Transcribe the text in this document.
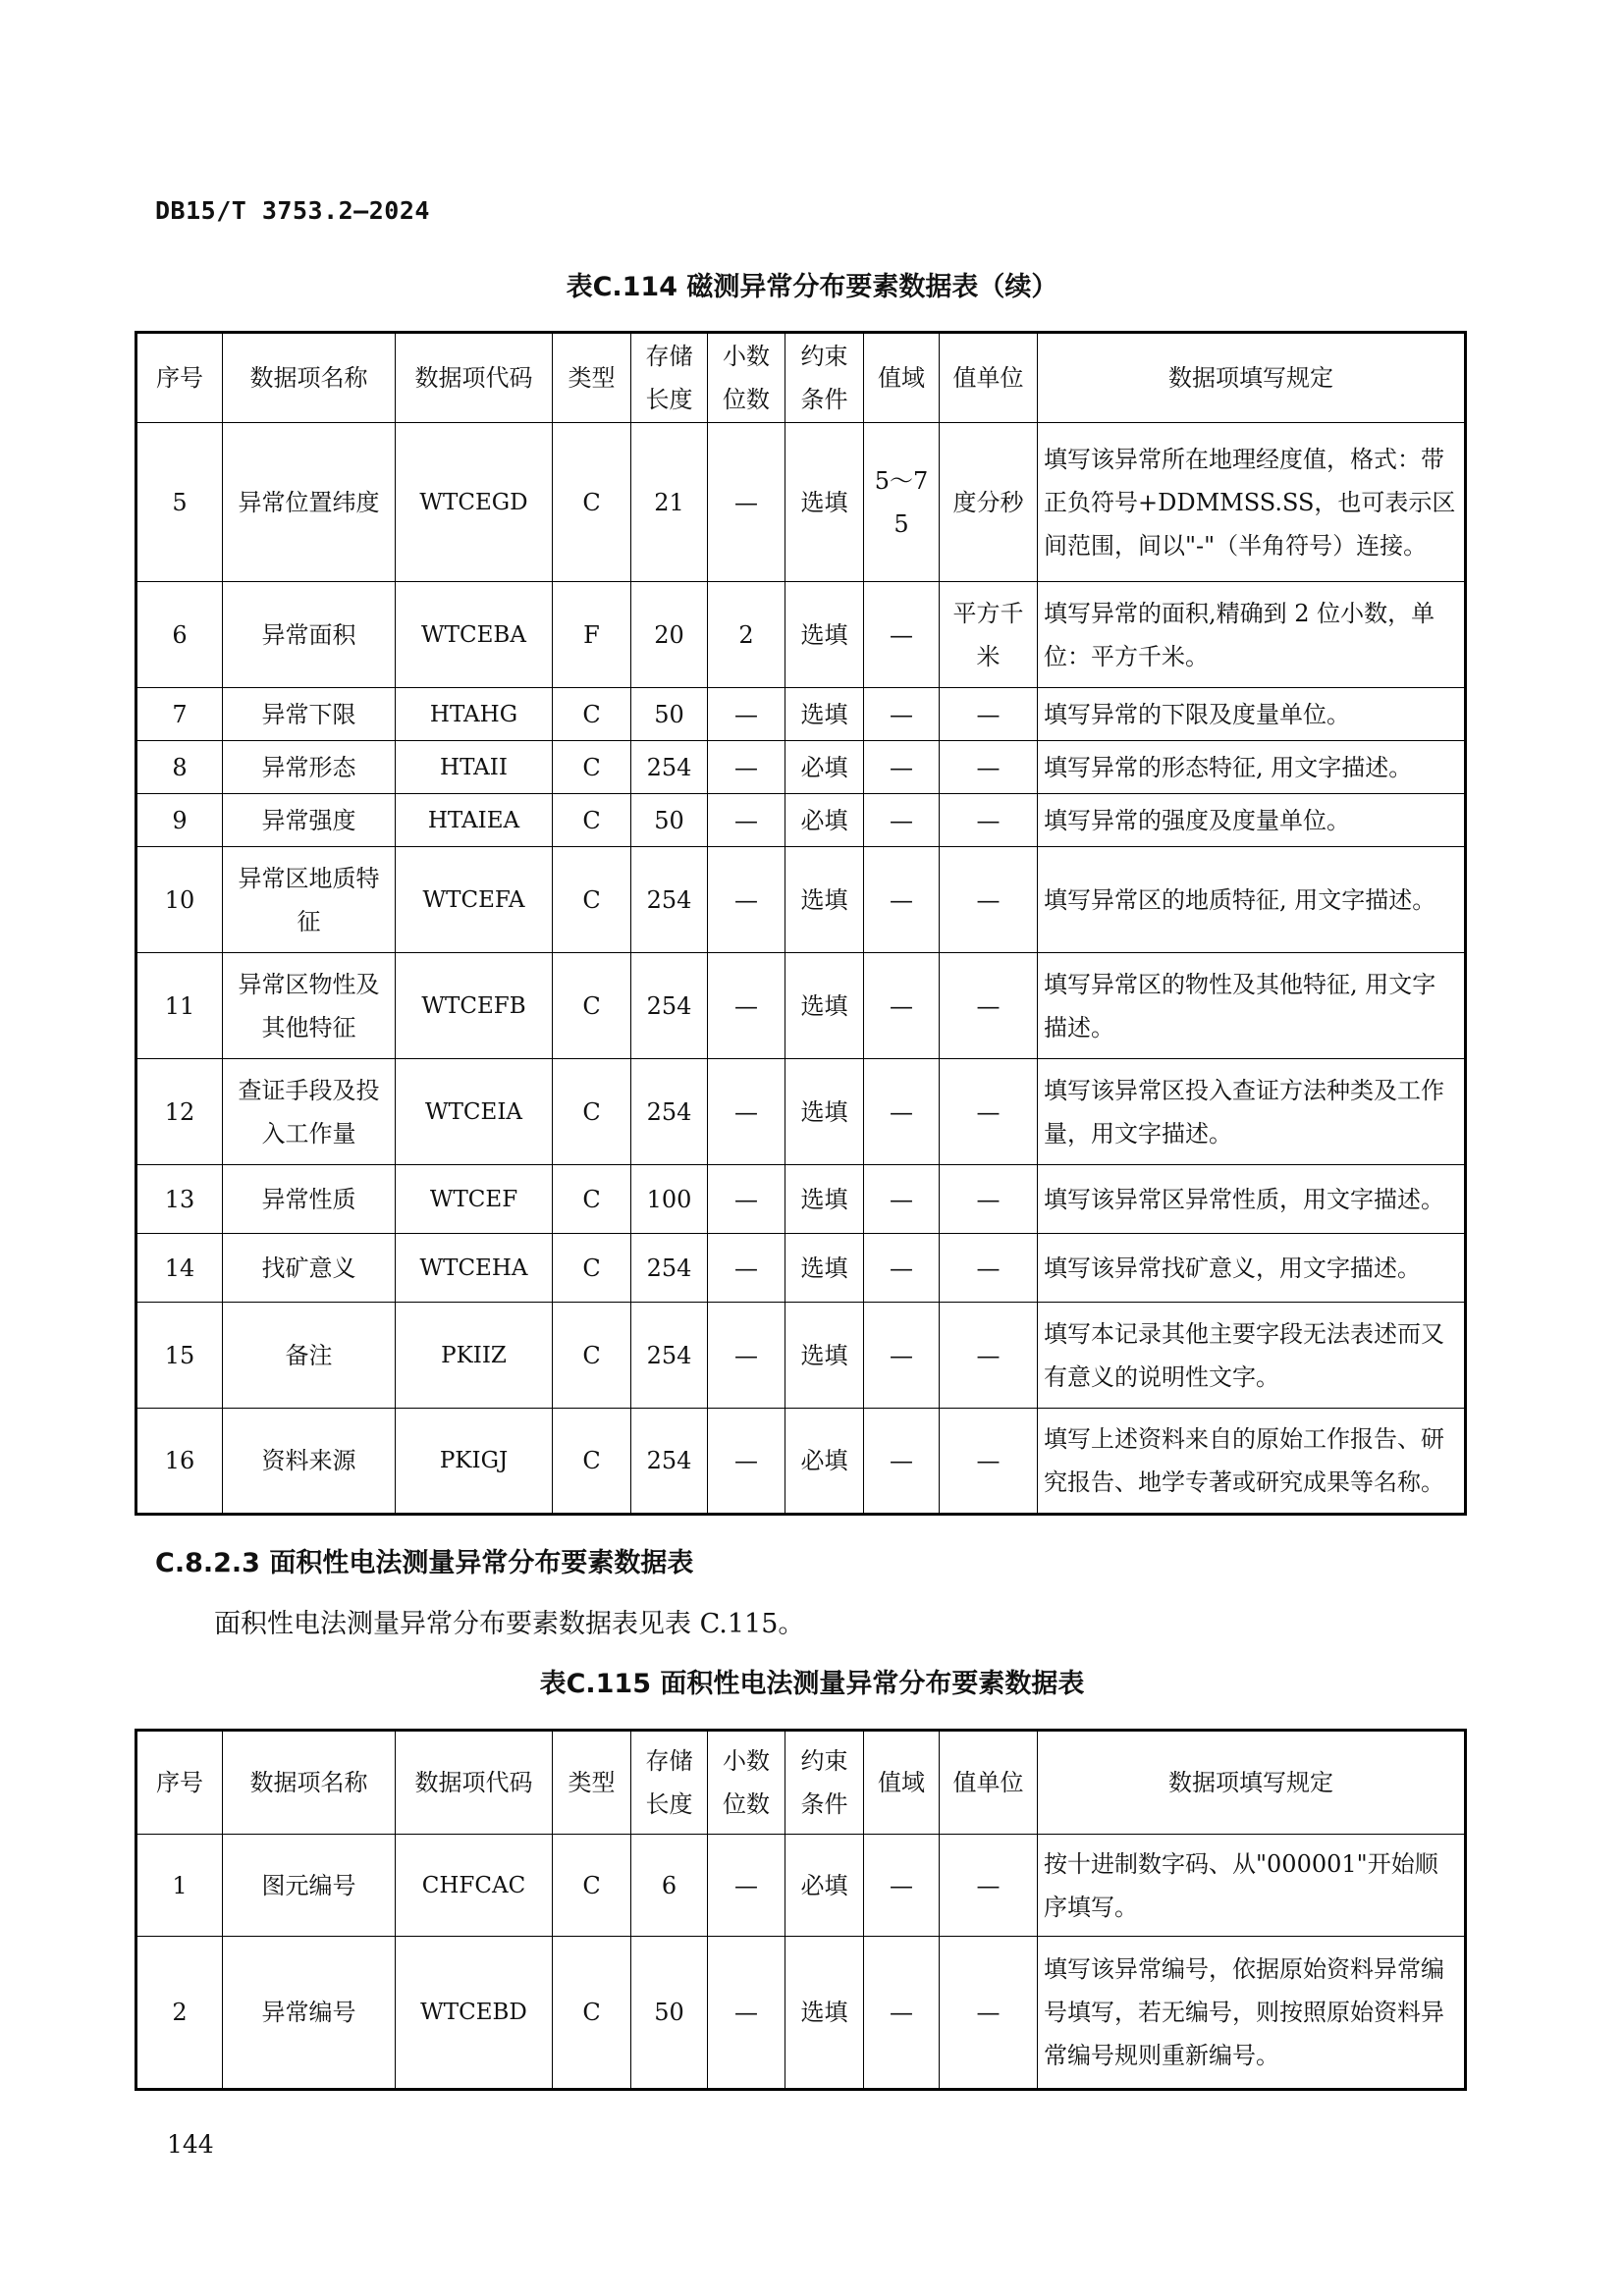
DB15/T 3753.2—2024
表C.114 磁测异常分布要素数据表（续）
序号	数据项名称	数据项代码	类型	存储长度	小数位数	约束条件	值域	值单位	数据项填写规定
5	异常位置纬度	WTCEGD	C	21	—	选填	5～75	度分秒	填写该异常所在地理经度值，格式：带正负符号+DDMMSS.SS，也可表示区间范围，间以"-"（半角符号）连接。
6	异常面积	WTCEBA	F	20	2	选填	—	平方千米	填写异常的面积,精确到 2 位小数，单位：平方千米。
7	异常下限	HTAHG	C	50	—	选填	—	—	填写异常的下限及度量单位。
8	异常形态	HTAII	C	254	—	必填	—	—	填写异常的形态特征, 用文字描述。
9	异常强度	HTAIEA	C	50	—	必填	—	—	填写异常的强度及度量单位。
10	异常区地质特征	WTCEFA	C	254	—	选填	—	—	填写异常区的地质特征, 用文字描述。
11	异常区物性及其他特征	WTCEFB	C	254	—	选填	—	—	填写异常区的物性及其他特征, 用文字描述。
12	查证手段及投入工作量	WTCEIA	C	254	—	选填	—	—	填写该异常区投入查证方法种类及工作量，用文字描述。
13	异常性质	WTCEF	C	100	—	选填	—	—	填写该异常区异常性质，用文字描述。
14	找矿意义	WTCEHA	C	254	—	选填	—	—	填写该异常找矿意义，用文字描述。
15	备注	PKIIZ	C	254	—	选填	—	—	填写本记录其他主要字段无法表述而又有意义的说明性文字。
16	资料来源	PKIGJ	C	254	—	必填	—	—	填写上述资料来自的原始工作报告、研究报告、地学专著或研究成果等名称。
C.8.2.3 面积性电法测量异常分布要素数据表
面积性电法测量异常分布要素数据表见表 C.115。
表C.115 面积性电法测量异常分布要素数据表
序号	数据项名称	数据项代码	类型	存储长度	小数位数	约束条件	值域	值单位	数据项填写规定
1	图元编号	CHFCAC	C	6	—	必填	—	—	按十进制数字码、从"000001"开始顺序填写。
2	异常编号	WTCEBD	C	50	—	选填	—	—	填写该异常编号，依据原始资料异常编号填写，若无编号，则按照原始资料异常编号规则重新编号。
144
